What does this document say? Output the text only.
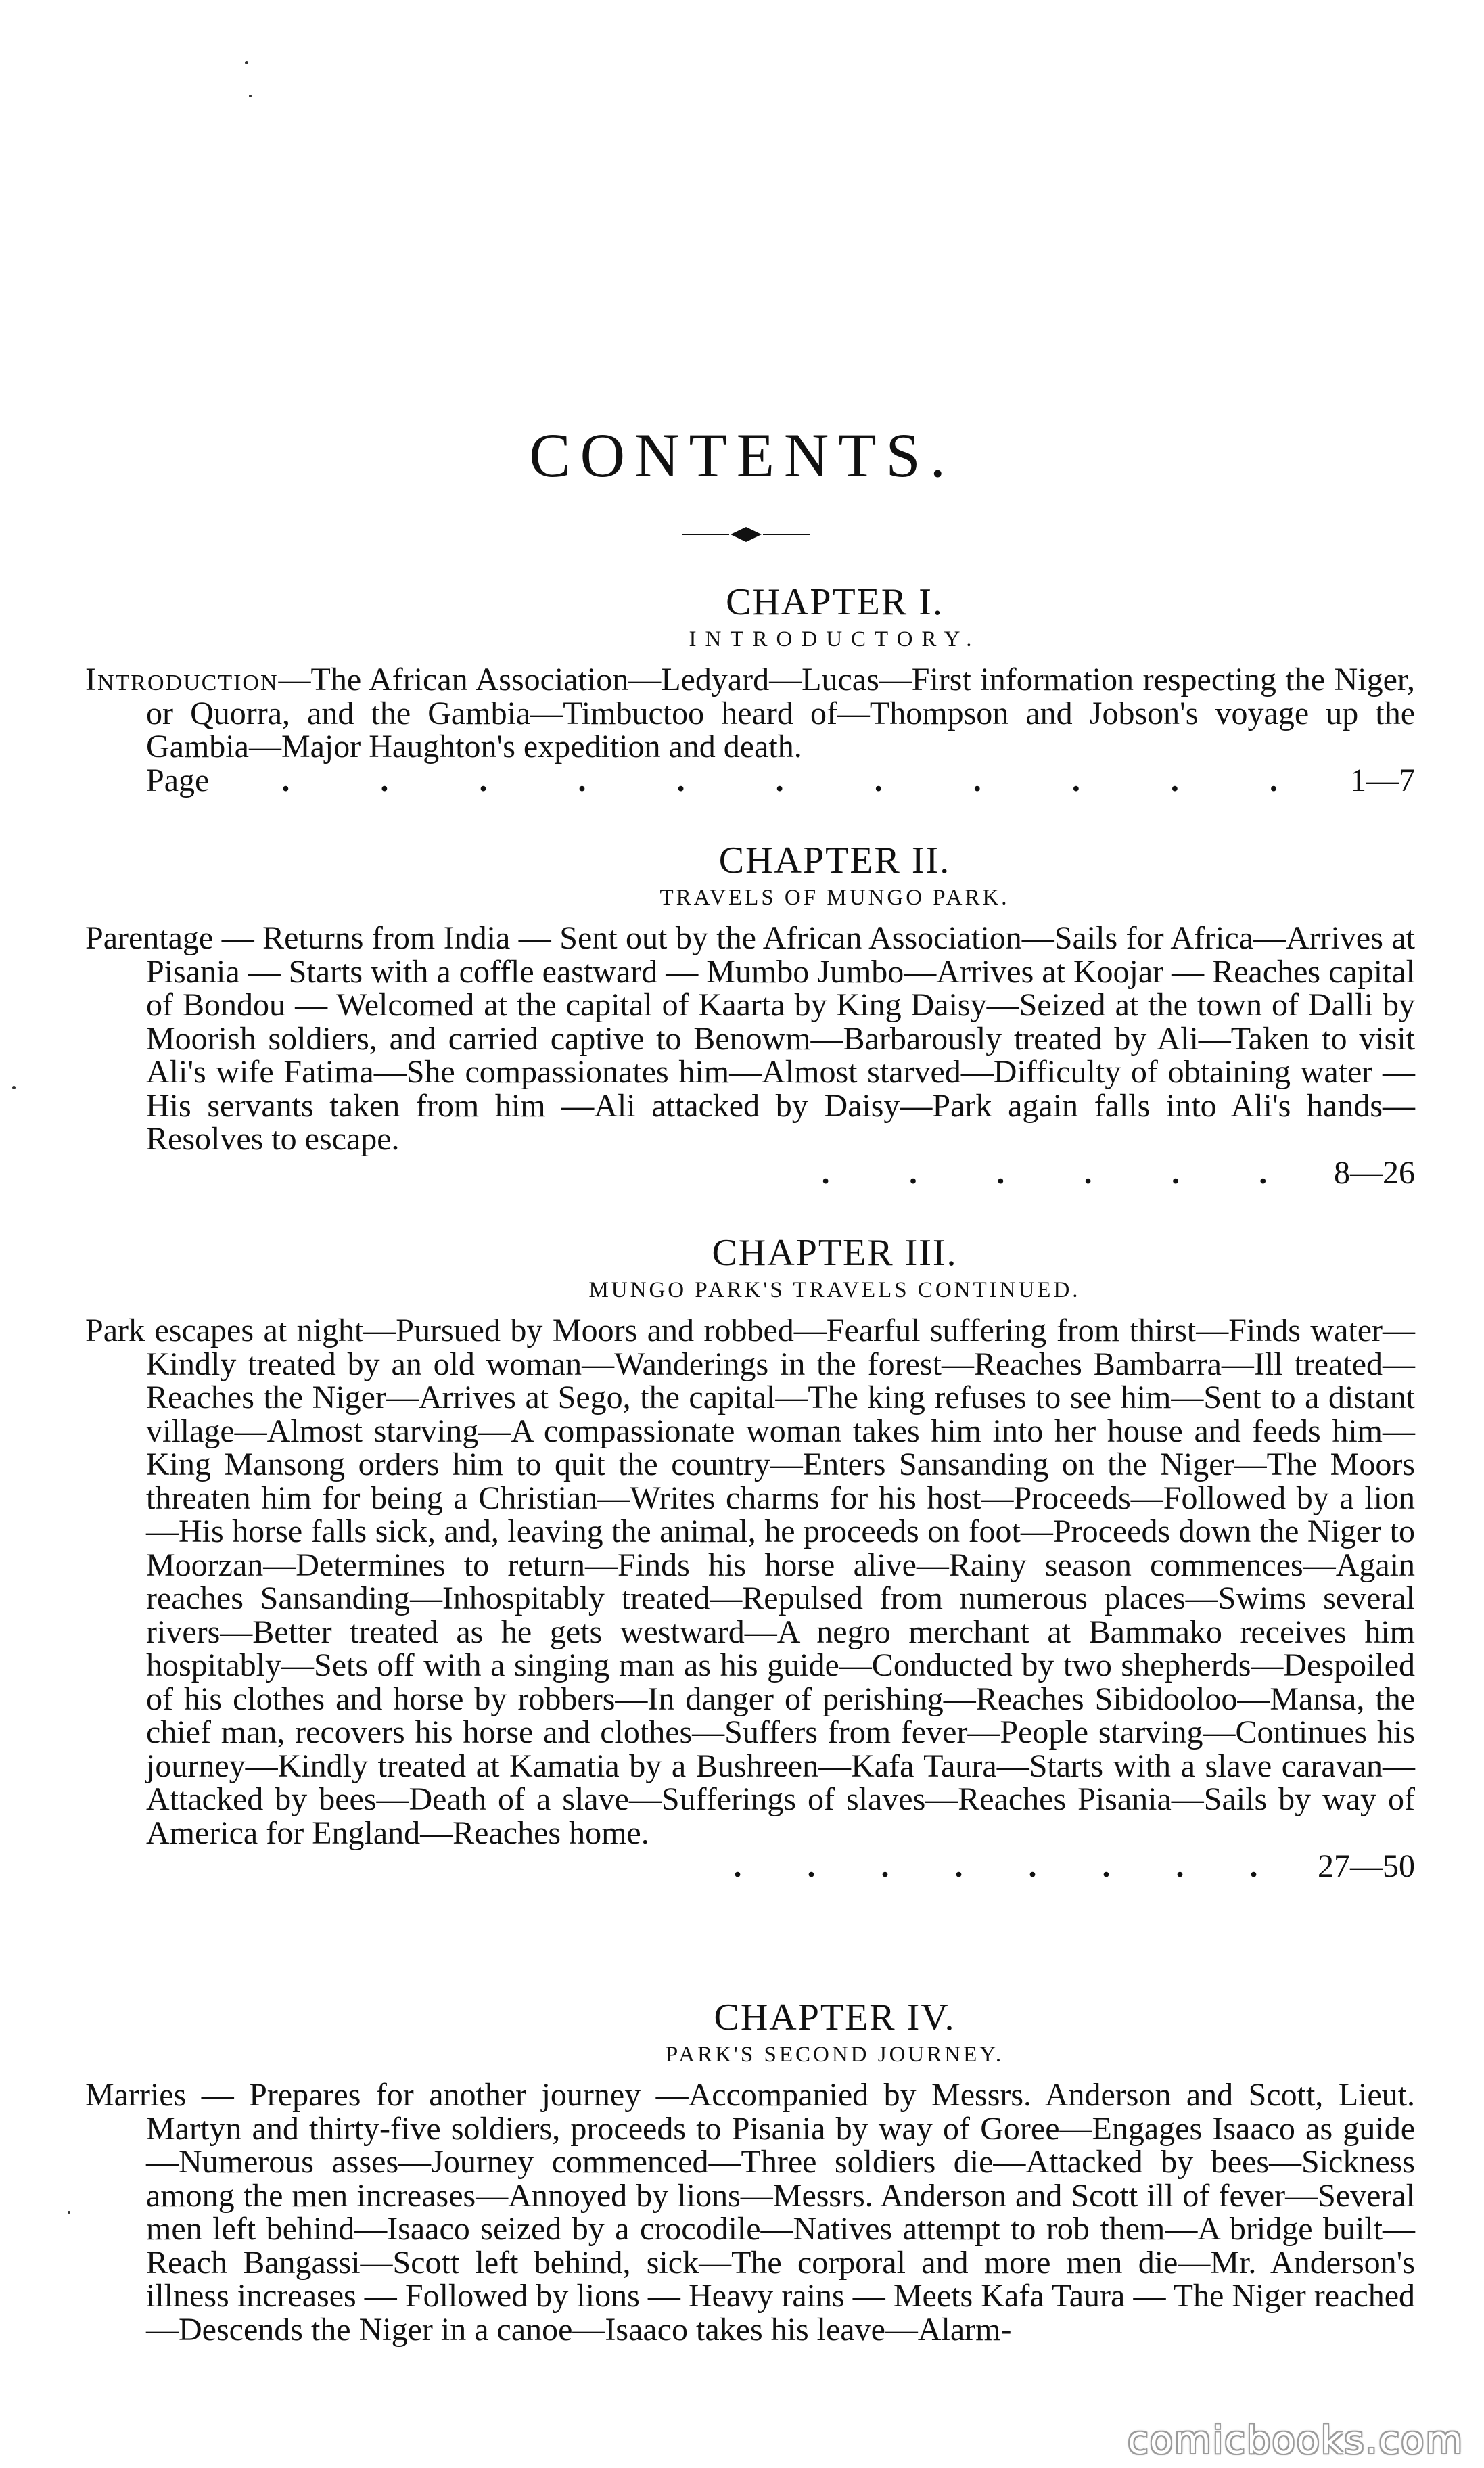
CONTENTS.
CHAPTER I.
INTRODUCTORY.
Introduction—The African Association—Ledyard—Lucas—First information respecting the Niger, or Quorra, and the Gambia—Timbuctoo heard of—Thompson and Jobson's voyage up the Gambia—Major Haughton's expedition and death.
Page .	.	.	.	.	.	.	.	.	.	. 1—7
CHAPTER II.
TRAVELS OF MUNGO PARK.
Parentage — Returns from India — Sent out by the African Association—Sails for Africa—Arrives at Pisania — Starts with a coffle eastward — Mumbo Jumbo—Arrives at Koojar — Reaches capital of Bondou — Welcomed at the capital of Kaarta by King Daisy—Seized at the town of Dalli by Moorish soldiers, and carried captive to Benowm—Barbarously treated by Ali—Taken to visit Ali's wife Fatima—She compassionates him—Almost starved—Difficulty of obtaining water — His servants taken from him —Ali attacked by Daisy—Park again falls into Ali's hands—Resolves to escape.
. . . . . . 8—26
CHAPTER III.
MUNGO PARK'S TRAVELS CONTINUED.
Park escapes at night—Pursued by Moors and robbed—Fearful suffering from thirst—Finds water—Kindly treated by an old woman—Wanderings in the forest—Reaches Bambarra—Ill treated—Reaches the Niger—Arrives at Sego, the capital—The king refuses to see him—Sent to a distant village—Almost starving—A compassionate woman takes him into her house and feeds him—King Mansong orders him to quit the country—Enters Sansanding on the Niger—The Moors threaten him for being a Christian—Writes charms for his host—Proceeds—Followed by a lion—His horse falls sick, and, leaving the animal, he proceeds on foot—Proceeds down the Niger to Moorzan—Determines to return—Finds his horse alive—Rainy season commences—Again reaches Sansanding—Inhospitably treated—Repulsed from numerous places—Swims several rivers—Better treated as he gets westward—A negro merchant at Bammako receives him hospitably—Sets off with a singing man as his guide—Conducted by two shepherds—Despoiled of his clothes and horse by robbers—In danger of perishing—Reaches Sibidooloo—Mansa, the chief man, recovers his horse and clothes—Suffers from fever—People starving—Continues his journey—Kindly treated at Kamatia by a Bushreen—Kafa Taura—Starts with a slave caravan—Attacked by bees—Death of a slave—Sufferings of slaves—Reaches Pisania—Sails by way of America for England—Reaches home.
. . . . . . . . 27—50
CHAPTER IV.
PARK'S SECOND JOURNEY.
Marries — Prepares for another journey —Accompanied by Messrs. Anderson and Scott, Lieut. Martyn and thirty-five soldiers, proceeds to Pisania by way of Goree—Engages Isaaco as guide—Numerous asses—Journey commenced—Three soldiers die—Attacked by bees—Sickness among the men increases—Annoyed by lions—Messrs. Anderson and Scott ill of fever—Several men left behind—Isaaco seized by a crocodile—Natives attempt to rob them—A bridge built—Reach Bangassi—Scott left behind, sick—The corporal and more men die—Mr. Anderson's illness increases — Followed by lions — Heavy rains — Meets Kafa Taura — The Niger reached—Descends the Niger in a canoe—Isaaco takes his leave—Alarm-
comicbooks.com
